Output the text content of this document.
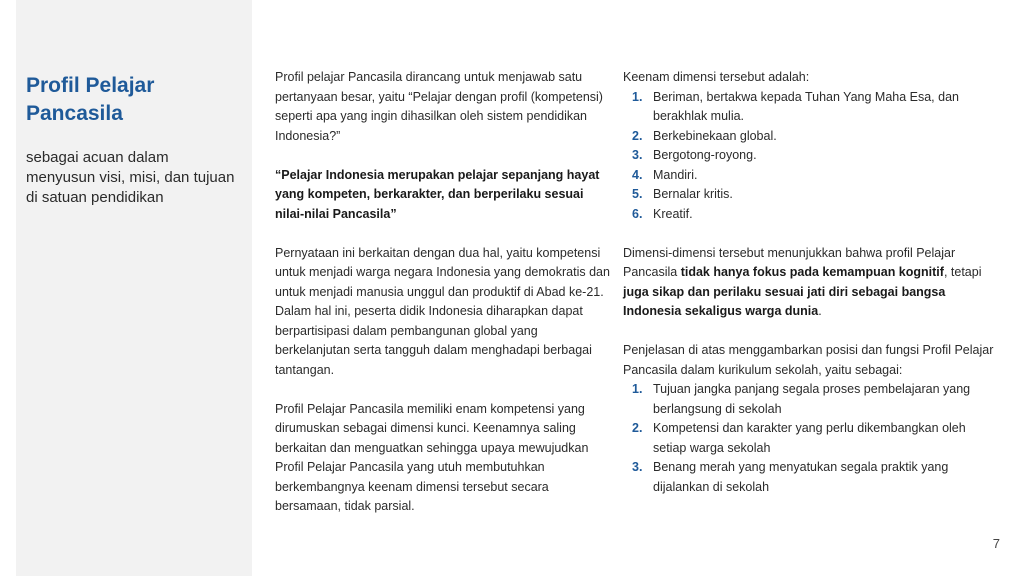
Profil Pelajar Pancasila
sebagai acuan dalam menyusun visi, misi, dan tujuan di satuan pendidikan

Profil pelajar Pancasila dirancang untuk menjawab satu pertanyaan besar, yaitu “Pelajar dengan profil (kompetensi) seperti apa yang ingin dihasilkan oleh sistem pendidikan Indonesia?”

“Pelajar Indonesia merupakan pelajar sepanjang hayat yang kompeten, berkarakter, dan berperilaku sesuai nilai-nilai Pancasila”

Pernyataan ini berkaitan dengan dua hal, yaitu kompetensi untuk menjadi warga negara Indonesia yang demokratis dan untuk menjadi manusia unggul dan produktif di Abad ke-21. Dalam hal ini, peserta didik Indonesia diharapkan dapat berpartisipasi dalam pembangunan global yang berkelanjutan serta tangguh dalam menghadapi berbagai tantangan.

Profil Pelajar Pancasila memiliki enam kompetensi yang dirumuskan sebagai dimensi kunci. Keenamnya saling berkaitan dan menguatkan sehingga upaya mewujudkan Profil Pelajar Pancasila yang utuh membutuhkan berkembangnya keenam dimensi tersebut secara bersamaan, tidak parsial.

Keenam dimensi tersebut adalah:
1. Beriman, bertakwa kepada Tuhan Yang Maha Esa, dan berakhlak mulia.
2. Berkebinekaan global.
3. Bergotong-royong.
4. Mandiri.
5. Bernalar kritis.
6. Kreatif.

Dimensi-dimensi tersebut menunjukkan bahwa profil Pelajar Pancasila tidak hanya fokus pada kemampuan kognitif, tetapi juga sikap dan perilaku sesuai jati diri sebagai bangsa Indonesia sekaligus warga dunia.

Penjelasan di atas menggambarkan posisi dan fungsi Profil Pelajar Pancasila dalam kurikulum sekolah, yaitu sebagai:
1. Tujuan jangka panjang segala proses pembelajaran yang berlangsung di sekolah
2. Kompetensi dan karakter yang perlu dikembangkan oleh setiap warga sekolah
3. Benang merah yang menyatukan segala praktik yang dijalankan di sekolah
7
